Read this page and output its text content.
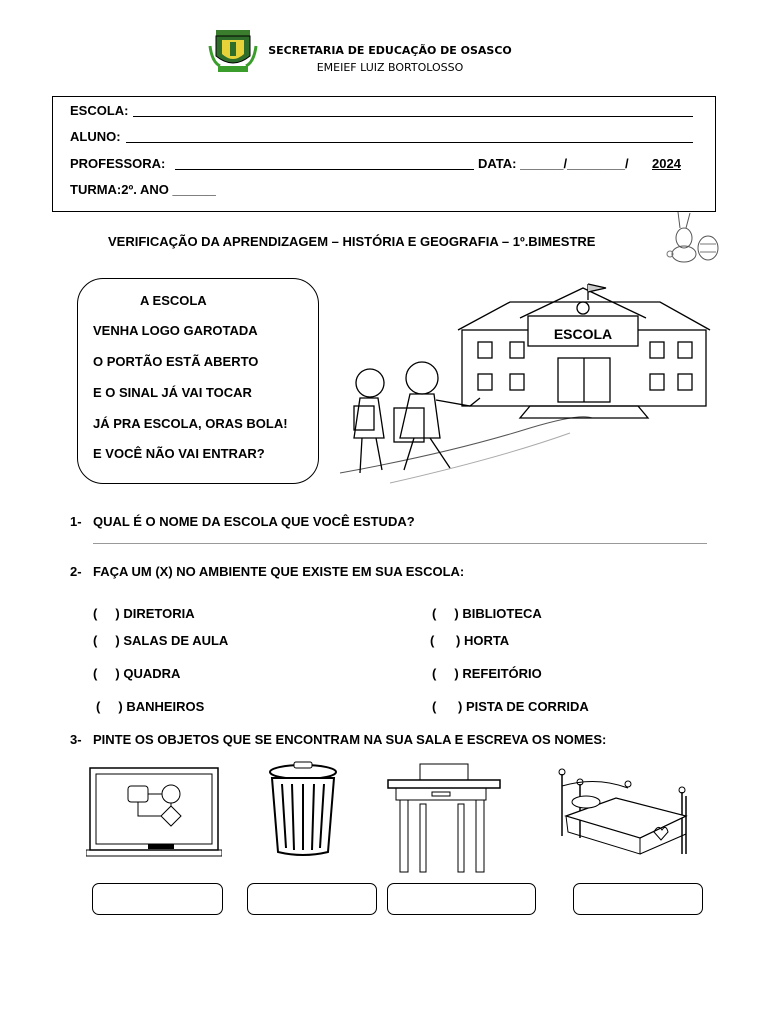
SECRETARIA DE EDUCAÇÃO DE OSASCO
EMEIEF LUIZ BORTOLOSSO
ESCOLA:
ALUNO:
PROFESSORA:	DATA: ______/________/ 2024
TURMA:2º. ANO ______
VERIFICAÇÃO DA APRENDIZAGEM – HISTÓRIA E GEOGRAFIA – 1º.BIMESTRE
A ESCOLA
VENHA LOGO GAROTADA
O PORTÃO ESTÃ ABERTO
E O SINAL JÁ VAI TOCAR
JÁ PRA ESCOLA, ORAS BOLA!
E VOCÊ NÃO VAI ENTRAR?
ESCOLA
1- QUAL É O NOME DA ESCOLA QUE VOCÊ ESTUDA?
2- FAÇA UM (X) NO AMBIENTE QUE EXISTE EM SUA ESCOLA:
(     ) DIRETORIA	(     ) BIBLIOTECA
(     ) SALAS DE AULA	(      ) HORTA
(     ) QUADRA	(     ) REFEITÓRIO
(     ) BANHEIROS	(      ) PISTA DE CORRIDA
3- PINTE OS OBJETOS QUE SE ENCONTRAM NA SUA SALA E ESCREVA OS NOMES:
